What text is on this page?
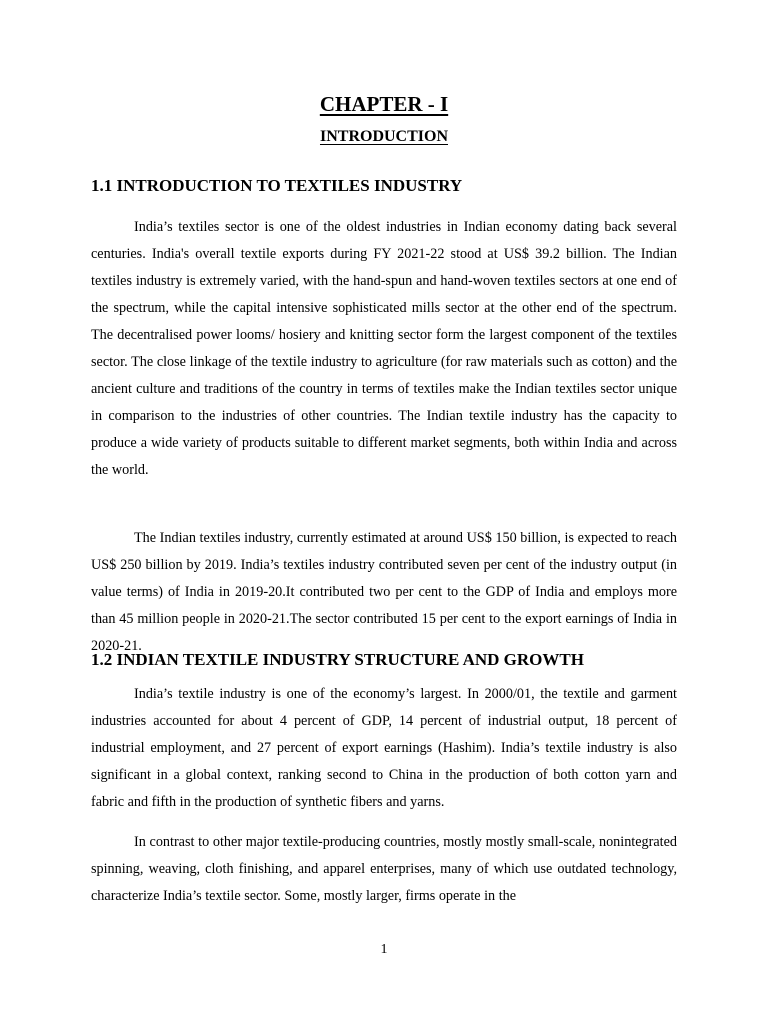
CHAPTER - I
INTRODUCTION
1.1 INTRODUCTION TO TEXTILES INDUSTRY

India’s textiles sector is one of the oldest industries in Indian economy dating back several centuries. India's overall textile exports during FY 2021-22 stood at US$ 39.2 billion. The Indian textiles industry is extremely varied, with the hand-spun and hand-woven textiles sectors at one end of the spectrum, while the capital intensive sophisticated mills sector at the other end of the spectrum. The decentralised power looms/ hosiery and knitting sector form the largest component of the textiles sector. The close linkage of the textile industry to agriculture (for raw materials such as cotton) and the ancient culture and traditions of the country in terms of textiles make the Indian textiles sector unique in comparison to the industries of other countries. The Indian textile industry has the capacity to produce a wide variety of products suitable to different market segments, both within India and across the world.

The Indian textiles industry, currently estimated at around US$ 150 billion, is expected to reach US$ 250 billion by 2019. India’s textiles industry contributed seven per cent of the industry output (in value terms) of India in 2019-20.It contributed two per cent to the GDP of India and employs more than 45 million people in 2020-21.The sector contributed 15 per cent to the export earnings of India in 2020-21.

1.2 INDIAN TEXTILE INDUSTRY STRUCTURE AND GROWTH

India’s textile industry is one of the economy’s largest. In 2000/01, the textile and garment industries accounted for about 4 percent of GDP, 14 percent of industrial output, 18 percent of industrial employment, and 27 percent of export earnings (Hashim). India’s textile industry is also significant in a global context, ranking second to China in the production of both cotton yarn and fabric and fifth in the production of synthetic fibers and yarns.

In contrast to other major textile-producing countries, mostly mostly small-scale, nonintegrated spinning, weaving, cloth finishing, and apparel enterprises, many of which use outdated technology, characterize India’s textile sector. Some, mostly larger, firms operate in the

1
